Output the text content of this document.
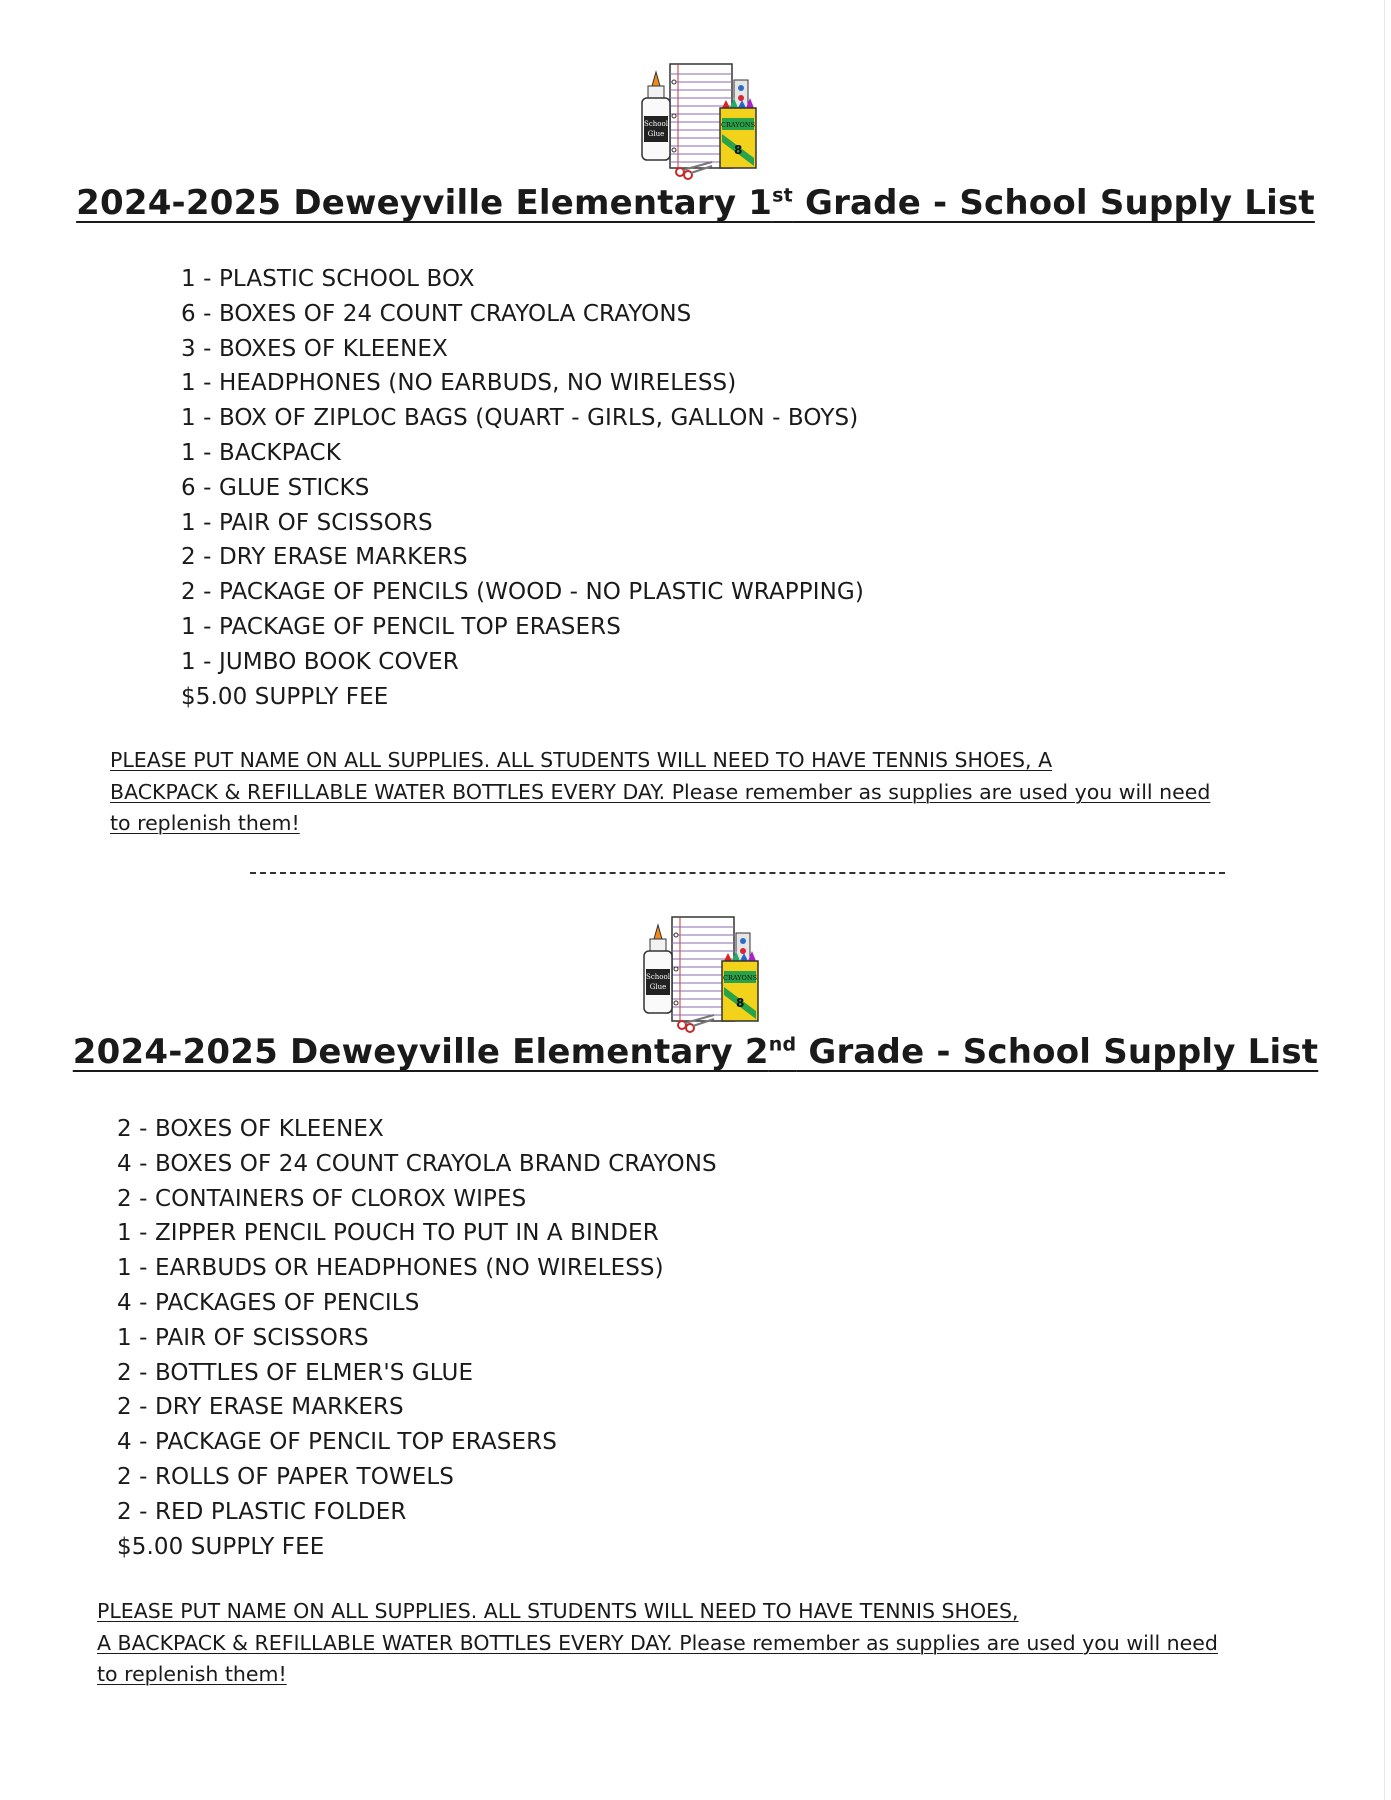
School
Glue
CRAYONS
8
2024-2025 Deweyville Elementary 1st Grade - School Supply List
1 - PLASTIC SCHOOL BOX
6 - BOXES OF 24 COUNT CRAYOLA CRAYONS
3 - BOXES OF KLEENEX
1 - HEADPHONES (NO EARBUDS, NO WIRELESS)
1 - BOX OF ZIPLOC BAGS (QUART - GIRLS, GALLON - BOYS)
1 - BACKPACK
6 - GLUE STICKS
1 - PAIR OF SCISSORS
2 - DRY ERASE MARKERS
2 - PACKAGE OF PENCILS (WOOD - NO PLASTIC WRAPPING)
1 - PACKAGE OF PENCIL TOP ERASERS
1 - JUMBO BOOK COVER
$5.00 SUPPLY FEE
PLEASE PUT NAME ON ALL SUPPLIES. ALL STUDENTS WILL NEED TO HAVE TENNIS SHOES, A
BACKPACK & REFILLABLE WATER BOTTLES EVERY DAY. Please remember as supplies are used you will need
to replenish them!
School
Glue
CRAYONS
8
2024-2025 Deweyville Elementary 2nd Grade - School Supply List
2 - BOXES OF KLEENEX
4 - BOXES OF 24 COUNT CRAYOLA BRAND CRAYONS
2 - CONTAINERS OF CLOROX WIPES
1 - ZIPPER PENCIL POUCH TO PUT IN A BINDER
1 - EARBUDS OR HEADPHONES (NO WIRELESS)
4 - PACKAGES OF PENCILS
1 - PAIR OF SCISSORS
2 - BOTTLES OF ELMER'S GLUE
2 - DRY ERASE MARKERS
4 - PACKAGE OF PENCIL TOP ERASERS
2 - ROLLS OF PAPER TOWELS
2 - RED PLASTIC FOLDER
$5.00 SUPPLY FEE
PLEASE PUT NAME ON ALL SUPPLIES. ALL STUDENTS WILL NEED TO HAVE TENNIS SHOES,
A BACKPACK & REFILLABLE WATER BOTTLES EVERY DAY. Please remember as supplies are used you will need
to replenish them!
